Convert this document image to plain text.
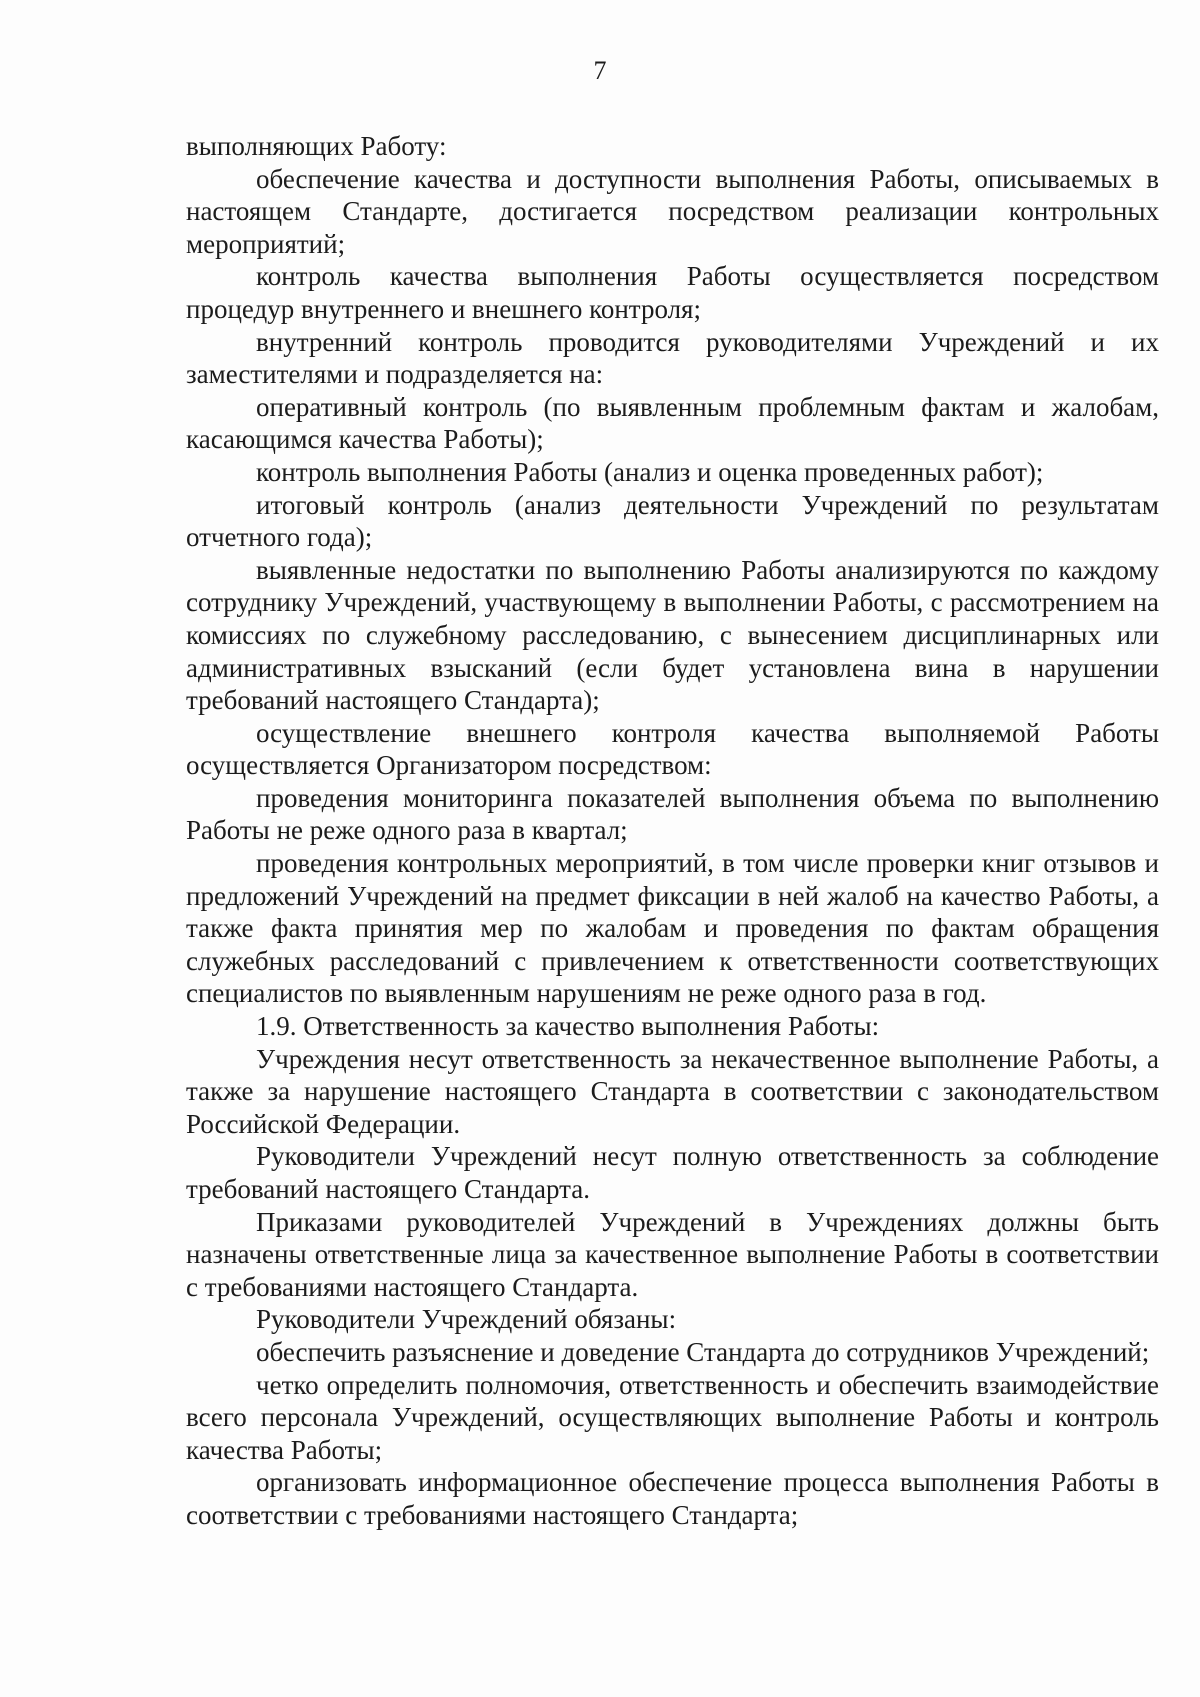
7

выполняющих Работу:

обеспечение качества и доступности выполнения Работы, описываемых в настоящем Стандарте, достигается посредством реализации контрольных мероприятий;

контроль качества выполнения Работы осуществляется посредством процедур внутреннего и внешнего контроля;

внутренний контроль проводится руководителями Учреждений и их заместителями и подразделяется на:

оперативный контроль (по выявленным проблемным фактам и жалобам, касающимся качества Работы);

контроль выполнения Работы (анализ и оценка проведенных работ);

итоговый контроль (анализ деятельности Учреждений по результатам отчетного года);

выявленные недостатки по выполнению Работы анализируются по каждому сотруднику Учреждений, участвующему в выполнении Работы, с рассмотрением на комиссиях по служебному расследованию, с вынесением дисциплинарных или административных взысканий (если будет установлена вина в нарушении требований настоящего Стандарта);

осуществление внешнего контроля качества выполняемой Работы осуществляется Организатором посредством:

проведения мониторинга показателей выполнения объема по выполнению Работы не реже одного раза в квартал;

проведения контрольных мероприятий, в том числе проверки книг отзывов и предложений Учреждений на предмет фиксации в ней жалоб на качество Работы, а также факта принятия мер по жалобам и проведения по фактам обращения служебных расследований с привлечением к ответственности соответствующих специалистов по выявленным нарушениям не реже одного раза в год.

1.9. Ответственность за качество выполнения Работы:

Учреждения несут ответственность за некачественное выполнение Работы, а также за нарушение настоящего Стандарта в соответствии с законодательством Российской Федерации.

Руководители Учреждений несут полную ответственность за соблюдение требований настоящего Стандарта.

Приказами руководителей Учреждений в Учреждениях должны быть назначены ответственные лица за качественное выполнение Работы в соответствии с требованиями настоящего Стандарта.

Руководители Учреждений обязаны:

обеспечить разъяснение и доведение Стандарта до сотрудников Учреждений;

четко определить полномочия, ответственность и обеспечить взаимодействие всего персонала Учреждений, осуществляющих выполнение Работы и контроль качества Работы;

организовать информационное обеспечение процесса выполнения Работы в соответствии с требованиями настоящего Стандарта;
